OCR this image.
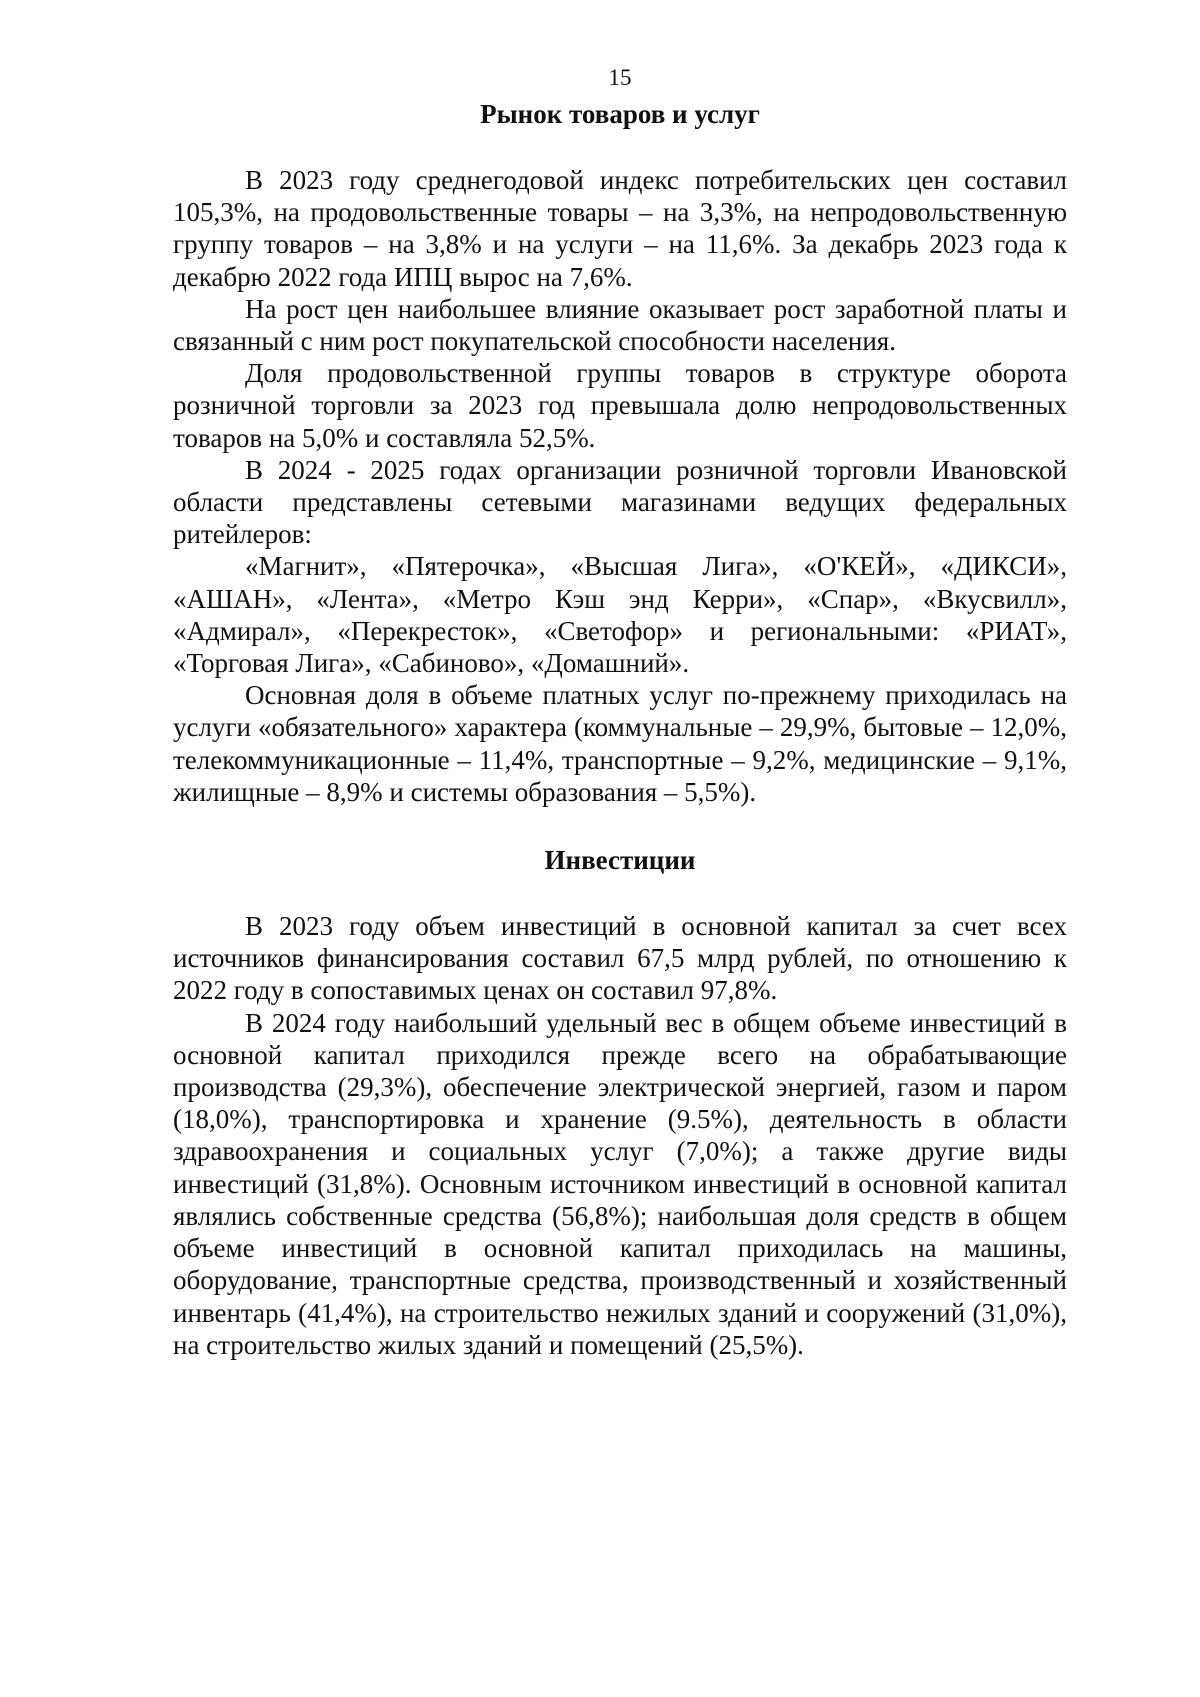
15
Рынок товаров и услуг

В 2023 году среднегодовой индекс потребительских цен составил 105,3%, на продовольственные товары – на 3,3%, на непродовольственную группу товаров – на 3,8% и на услуги – на 11,6%. За декабрь 2023 года к декабрю 2022 года ИПЦ вырос на 7,6%.

На рост цен наибольшее влияние оказывает рост заработной платы и связанный с ним рост покупательской способности населения.

Доля продовольственной группы товаров в структуре оборота розничной торговли за 2023 год превышала долю непродовольственных товаров на 5,0% и составляла 52,5%.

В 2024 - 2025 годах организации розничной торговли Ивановской области представлены сетевыми магазинами ведущих федеральных ритейлеров:

«Магнит», «Пятерочка», «Высшая Лига», «О'КЕЙ», «ДИКСИ», «АШАН», «Лента», «Метро Кэш энд Керри», «Спар», «Вкусвилл», «Адмирал», «Перекресток», «Светофор» и региональными: «РИАТ», «Торговая Лига», «Сабиново», «Домашний».

Основная доля в объеме платных услуг по-прежнему приходилась на услуги «обязательного» характера (коммунальные – 29,9%, бытовые – 12,0%, телекоммуникационные – 11,4%, транспортные – 9,2%, медицинские – 9,1%, жилищные – 8,9% и системы образования – 5,5%).

Инвестиции

В 2023 году объем инвестиций в основной капитал за счет всех источников финансирования составил 67,5 млрд рублей, по отношению к 2022 году в сопоставимых ценах он составил 97,8%.

В 2024 году наибольший удельный вес в общем объеме инвестиций в основной капитал приходился прежде всего на обрабатывающие производства (29,3%), обеспечение электрической энергией, газом и паром (18,0%), транспортировка и хранение (9.5%), деятельность в области здравоохранения и социальных услуг (7,0%); а также другие виды инвестиций (31,8%). Основным источником инвестиций в основной капитал являлись собственные средства (56,8%); наибольшая доля средств в общем объеме инвестиций в основной капитал приходилась на машины, оборудование, транспортные средства, производственный и хозяйственный инвентарь (41,4%), на строительство нежилых зданий и сооружений (31,0%), на строительство жилых зданий и помещений (25,5%).
